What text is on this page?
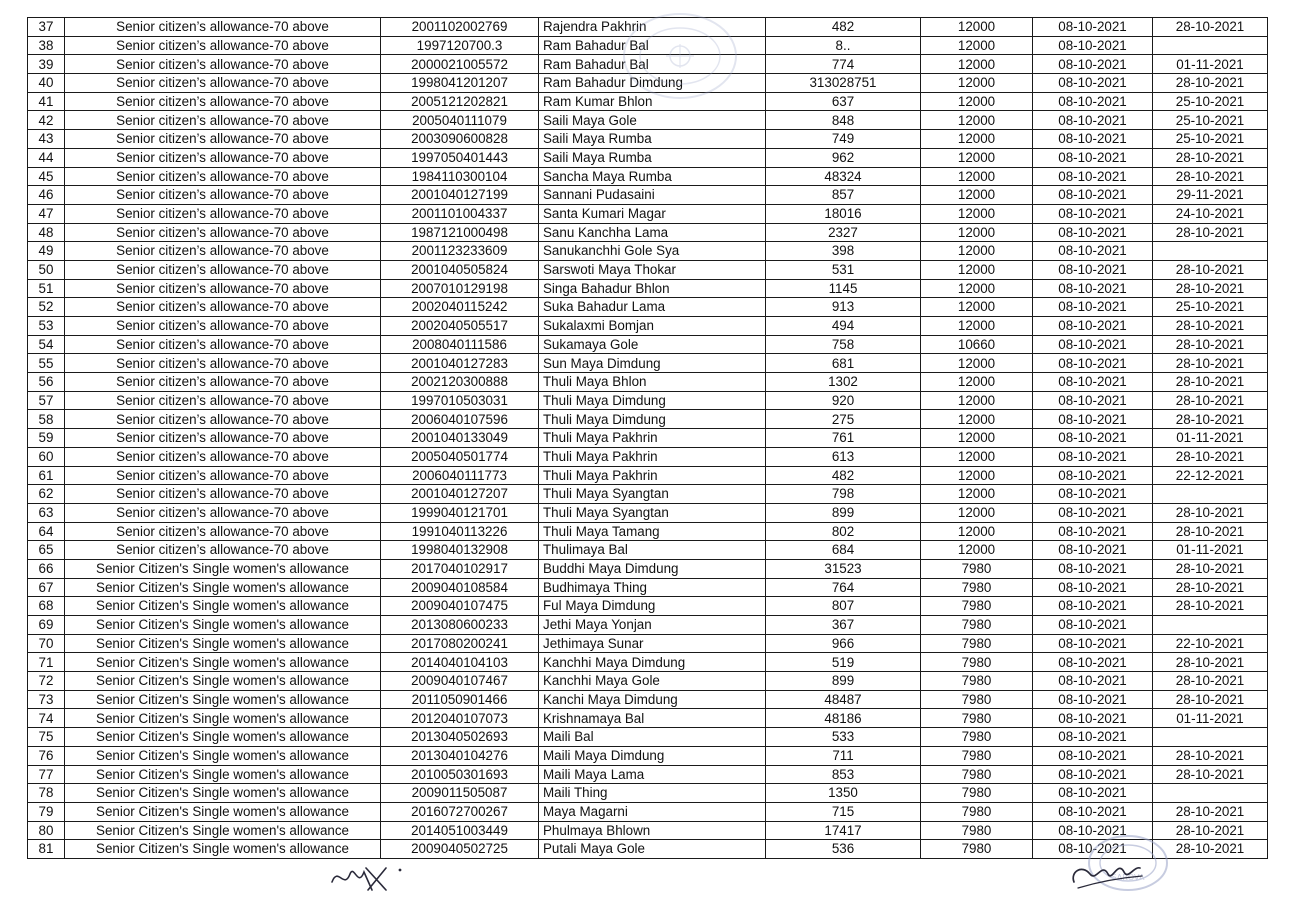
37	Senior citizen’s allowance-70 above	2001102002769	Rajendra Pakhrin	482	12000	08-10-2021	28-10-2021
38	Senior citizen’s allowance-70 above	1997120700.3	Ram Bahadur Bal	8..	12000	08-10-2021	
39	Senior citizen’s allowance-70 above	2000021005572	Ram Bahadur Bal	774	12000	08-10-2021	01-11-2021
40	Senior citizen’s allowance-70 above	1998041201207	Ram Bahadur Dimdung	313028751	12000	08-10-2021	28-10-2021
41	Senior citizen’s allowance-70 above	2005121202821	Ram Kumar Bhlon	637	12000	08-10-2021	25-10-2021
42	Senior citizen’s allowance-70 above	2005040111079	Saili Maya Gole	848	12000	08-10-2021	25-10-2021
43	Senior citizen’s allowance-70 above	2003090600828	Saili Maya Rumba	749	12000	08-10-2021	25-10-2021
44	Senior citizen’s allowance-70 above	1997050401443	Saili Maya Rumba	962	12000	08-10-2021	28-10-2021
45	Senior citizen’s allowance-70 above	1984110300104	Sancha Maya Rumba	48324	12000	08-10-2021	28-10-2021
46	Senior citizen’s allowance-70 above	2001040127199	Sannani Pudasaini	857	12000	08-10-2021	29-11-2021
47	Senior citizen’s allowance-70 above	2001101004337	Santa Kumari Magar	18016	12000	08-10-2021	24-10-2021
48	Senior citizen’s allowance-70 above	1987121000498	Sanu Kanchha Lama	2327	12000	08-10-2021	28-10-2021
49	Senior citizen’s allowance-70 above	2001123233609	Sanukanchhi Gole Sya	398	12000	08-10-2021	
50	Senior citizen’s allowance-70 above	2001040505824	Sarswoti Maya Thokar	531	12000	08-10-2021	28-10-2021
51	Senior citizen’s allowance-70 above	2007010129198	Singa Bahadur Bhlon	1145	12000	08-10-2021	28-10-2021
52	Senior citizen’s allowance-70 above	2002040115242	Suka Bahadur Lama	913	12000	08-10-2021	25-10-2021
53	Senior citizen’s allowance-70 above	2002040505517	Sukalaxmi Bomjan	494	12000	08-10-2021	28-10-2021
54	Senior citizen’s allowance-70 above	2008040111586	Sukamaya Gole	758	10660	08-10-2021	28-10-2021
55	Senior citizen’s allowance-70 above	2001040127283	Sun Maya Dimdung	681	12000	08-10-2021	28-10-2021
56	Senior citizen’s allowance-70 above	2002120300888	Thuli Maya Bhlon	1302	12000	08-10-2021	28-10-2021
57	Senior citizen’s allowance-70 above	1997010503031	Thuli Maya Dimdung	920	12000	08-10-2021	28-10-2021
58	Senior citizen’s allowance-70 above	2006040107596	Thuli Maya Dimdung	275	12000	08-10-2021	28-10-2021
59	Senior citizen’s allowance-70 above	2001040133049	Thuli Maya Pakhrin	761	12000	08-10-2021	01-11-2021
60	Senior citizen’s allowance-70 above	2005040501774	Thuli Maya Pakhrin	613	12000	08-10-2021	28-10-2021
61	Senior citizen’s allowance-70 above	2006040111773	Thuli Maya Pakhrin	482	12000	08-10-2021	22-12-2021
62	Senior citizen’s allowance-70 above	2001040127207	Thuli Maya Syangtan	798	12000	08-10-2021	
63	Senior citizen’s allowance-70 above	1999040121701	Thuli Maya Syangtan	899	12000	08-10-2021	28-10-2021
64	Senior citizen’s allowance-70 above	1991040113226	Thuli Maya Tamang	802	12000	08-10-2021	28-10-2021
65	Senior citizen’s allowance-70 above	1998040132908	Thulimaya Bal	684	12000	08-10-2021	01-11-2021
66	Senior Citizen's Single women's allowance	2017040102917	Buddhi Maya Dimdung	31523	7980	08-10-2021	28-10-2021
67	Senior Citizen's Single women's allowance	2009040108584	Budhimaya Thing	764	7980	08-10-2021	28-10-2021
68	Senior Citizen's Single women's allowance	2009040107475	Ful Maya Dimdung	807	7980	08-10-2021	28-10-2021
69	Senior Citizen's Single women's allowance	2013080600233	Jethi Maya Yonjan	367	7980	08-10-2021	
70	Senior Citizen's Single women's allowance	2017080200241	Jethimaya Sunar	966	7980	08-10-2021	22-10-2021
71	Senior Citizen's Single women's allowance	2014040104103	Kanchhi Maya Dimdung	519	7980	08-10-2021	28-10-2021
72	Senior Citizen's Single women's allowance	2009040107467	Kanchhi Maya Gole	899	7980	08-10-2021	28-10-2021
73	Senior Citizen's Single women's allowance	2011050901466	Kanchi Maya Dimdung	48487	7980	08-10-2021	28-10-2021
74	Senior Citizen's Single women's allowance	2012040107073	Krishnamaya Bal	48186	7980	08-10-2021	01-11-2021
75	Senior Citizen's Single women's allowance	2013040502693	Maili Bal	533	7980	08-10-2021	
76	Senior Citizen's Single women's allowance	2013040104276	Maili Maya Dimdung	711	7980	08-10-2021	28-10-2021
77	Senior Citizen's Single women's allowance	2010050301693	Maili Maya Lama	853	7980	08-10-2021	28-10-2021
78	Senior Citizen's Single women's allowance	2009011505087	Maili Thing	1350	7980	08-10-2021	
79	Senior Citizen's Single women's allowance	2016072700267	Maya Magarni	715	7980	08-10-2021	28-10-2021
80	Senior Citizen's Single women's allowance	2014051003449	Phulmaya Bhlown	17417	7980	08-10-2021	28-10-2021
81	Senior Citizen's Single women's allowance	2009040502725	Putali Maya Gole	536	7980	08-10-2021	28-10-2021
SAROVA
